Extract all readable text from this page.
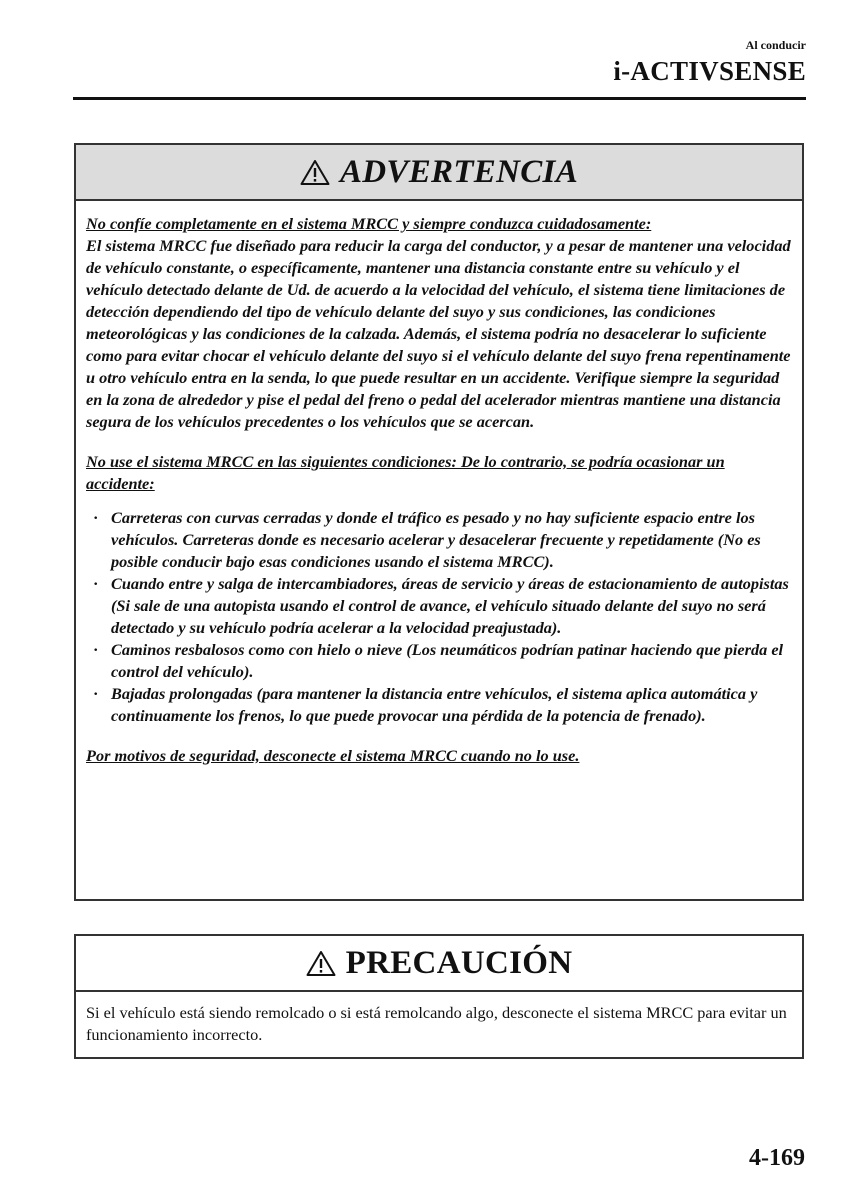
Al conducir
i-ACTIVSENSE
ADVERTENCIA

No confíe completamente en el sistema MRCC y siempre conduzca cuidadosamente:

El sistema MRCC fue diseñado para reducir la carga del conductor, y a pesar de mantener una velocidad de vehículo constante, o específicamente, mantener una distancia constante entre su vehículo y el vehículo detectado delante de Ud. de acuerdo a la velocidad del vehículo, el sistema tiene limitaciones de detección dependiendo del tipo de vehículo delante del suyo y sus condiciones, las condiciones meteorológicas y las condiciones de la calzada. Además, el sistema podría no desacelerar lo suficiente como para evitar chocar el vehículo delante del suyo si el vehículo delante del suyo frena repentinamente u otro vehículo entra en la senda, lo que puede resultar en un accidente. Verifique siempre la seguridad en la zona de alrededor y pise el pedal del freno o pedal del acelerador mientras mantiene una distancia segura de los vehículos precedentes o los vehículos que se acercan.

No use el sistema MRCC en las siguientes condiciones: De lo contrario, se podría ocasionar un accidente:

· Carreteras con curvas cerradas y donde el tráfico es pesado y no hay suficiente espacio entre los vehículos. Carreteras donde es necesario acelerar y desacelerar frecuente y repetidamente (No es posible conducir bajo esas condiciones usando el sistema MRCC).
· Cuando entre y salga de intercambiadores, áreas de servicio y áreas de estacionamiento de autopistas (Si sale de una autopista usando el control de avance, el vehículo situado delante del suyo no será detectado y su vehículo podría acelerar a la velocidad preajustada).
· Caminos resbalosos como con hielo o nieve (Los neumáticos podrían patinar haciendo que pierda el control del vehículo).
· Bajadas prolongadas (para mantener la distancia entre vehículos, el sistema aplica automática y continuamente los frenos, lo que puede provocar una pérdida de la potencia de frenado).

Por motivos de seguridad, desconecte el sistema MRCC cuando no lo use.

PRECAUCIÓN
Si el vehículo está siendo remolcado o si está remolcando algo, desconecte el sistema MRCC para evitar un funcionamiento incorrecto.
4-169
